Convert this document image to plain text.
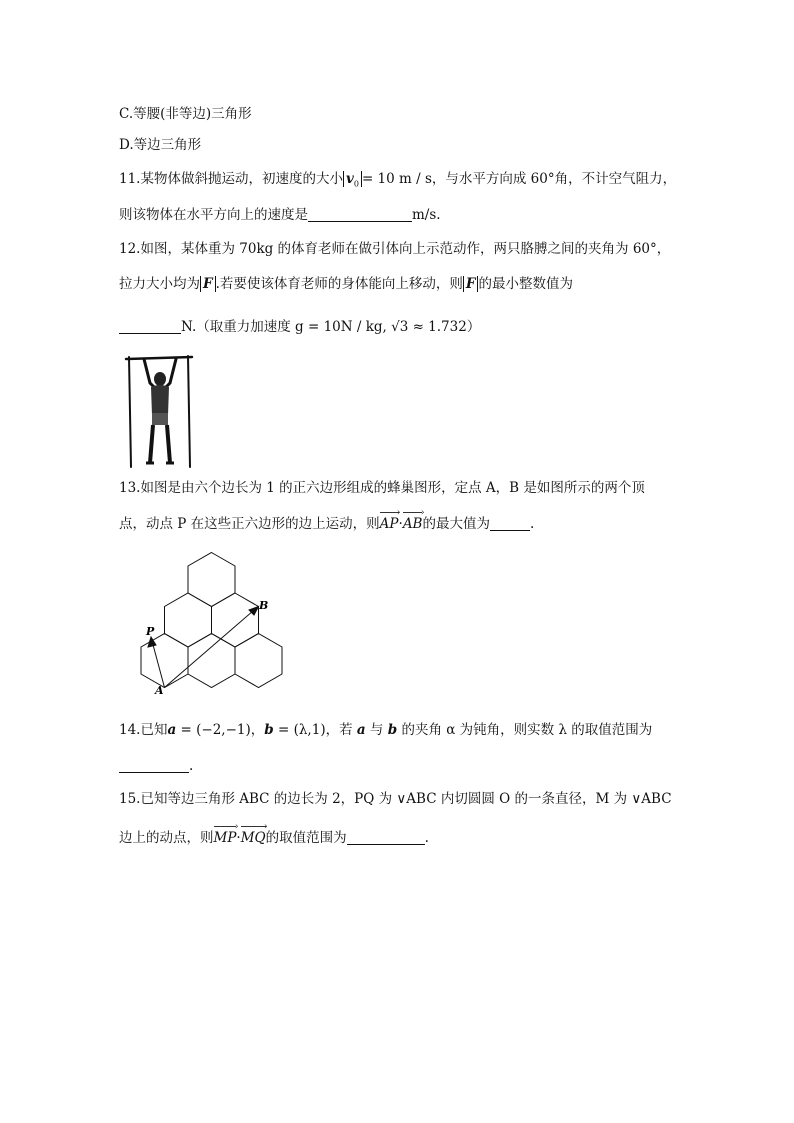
C.等腰(非等边)三角形
D.等边三角形
11.某物体做斜抛运动，初速度的大小 $v_0 = 10$ m / s，与水平方向成 60°角，不计空气阻力，
则该物体在水平方向上的速度是	m/s.
12.如图，某体重为 70kg 的体育老师在做引体向上示范动作，两只胳膊之间的夹角为 60°，
拉力大小均为 F .若要使该体育老师的身体能向上移动，则 F 的最小整数值为
N.（取重力加速度 g = 10N / kg, √3 ≈ 1.732）
13.如图是由六个边长为 1 的正六边形组成的蜂巢图形，定点 A，B 是如图所示的两个顶
点，动点 P 在这些正六边形的边上运动，则AP ›·AB ›的最大值为	.
A
B
P
14.已知a = (−2,−1)，b = (λ,1)，若 a 与 b 的夹角 α 为钝角，则实数 λ 的取值范围为
.
15.已知等边三角形 ABC 的边长为 2，PQ 为 ∨ABC 内切圆圆 O 的一条直径，M 为 ∨ABC
边上的动点，则MP ›·MQ ›的取值范围为	.
